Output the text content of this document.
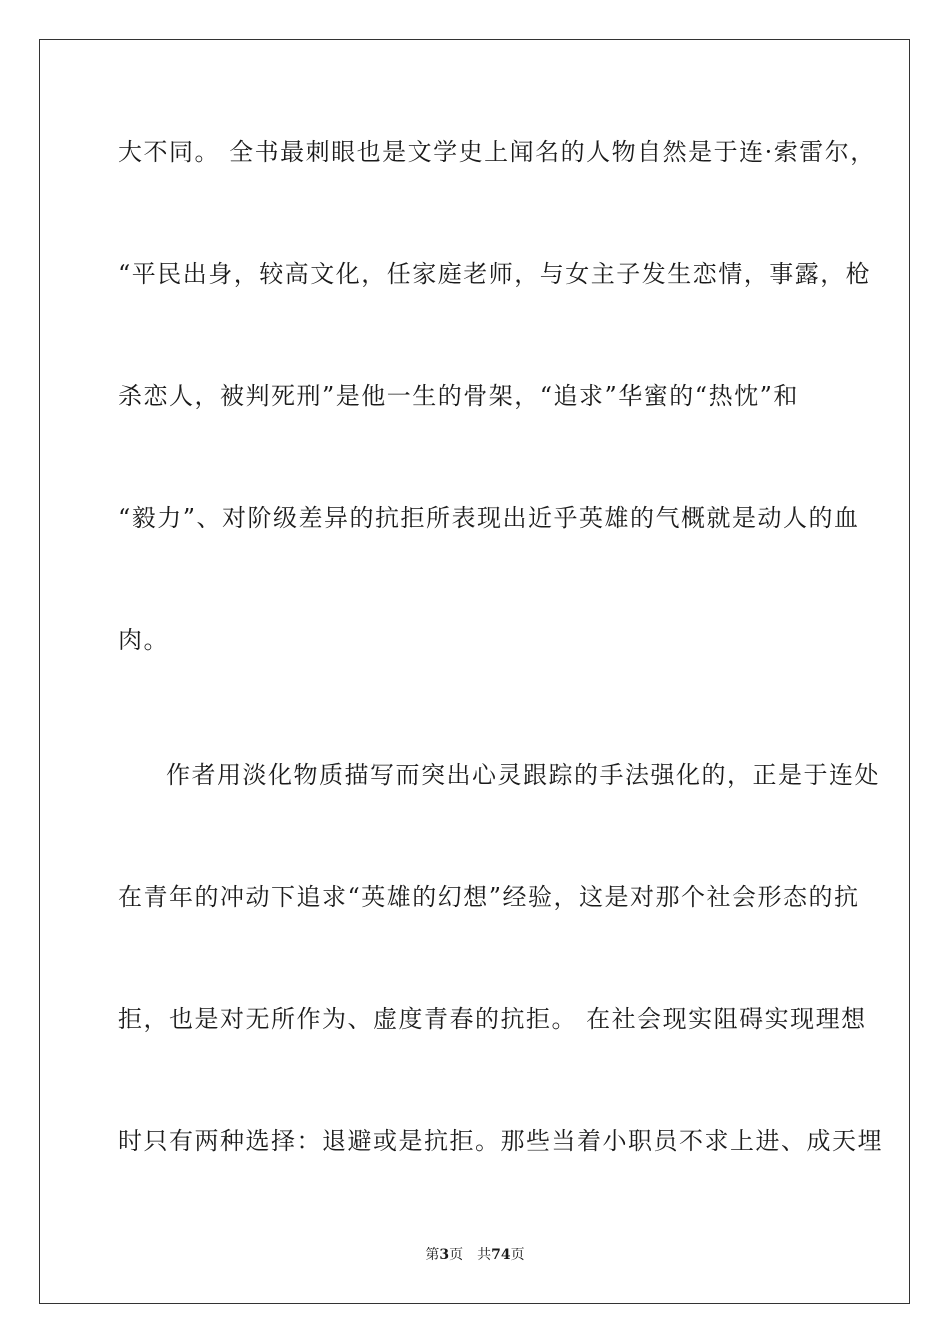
大不同。 全书最刺眼也是文学史上闻名的人物自然是于连·索雷尔，
“平民出身，较高文化，任家庭老师，与女主子发生恋情，事露，枪
杀恋人，被判死刑”是他一生的骨架，“追求”华蜜的“热忱”和
“毅力”、对阶级差异的抗拒所表现出近乎英雄的气概就是动人的血
肉。
作者用淡化物质描写而突出心灵跟踪的手法强化的，正是于连处
在青年的冲动下追求“英雄的幻想”经验，这是对那个社会形态的抗
拒，也是对无所作为、虚度青春的抗拒。 在社会现实阻碍实现理想
时只有两种选择：退避或是抗拒。那些当着小职员不求上进、成天埋
第3页 共74页
